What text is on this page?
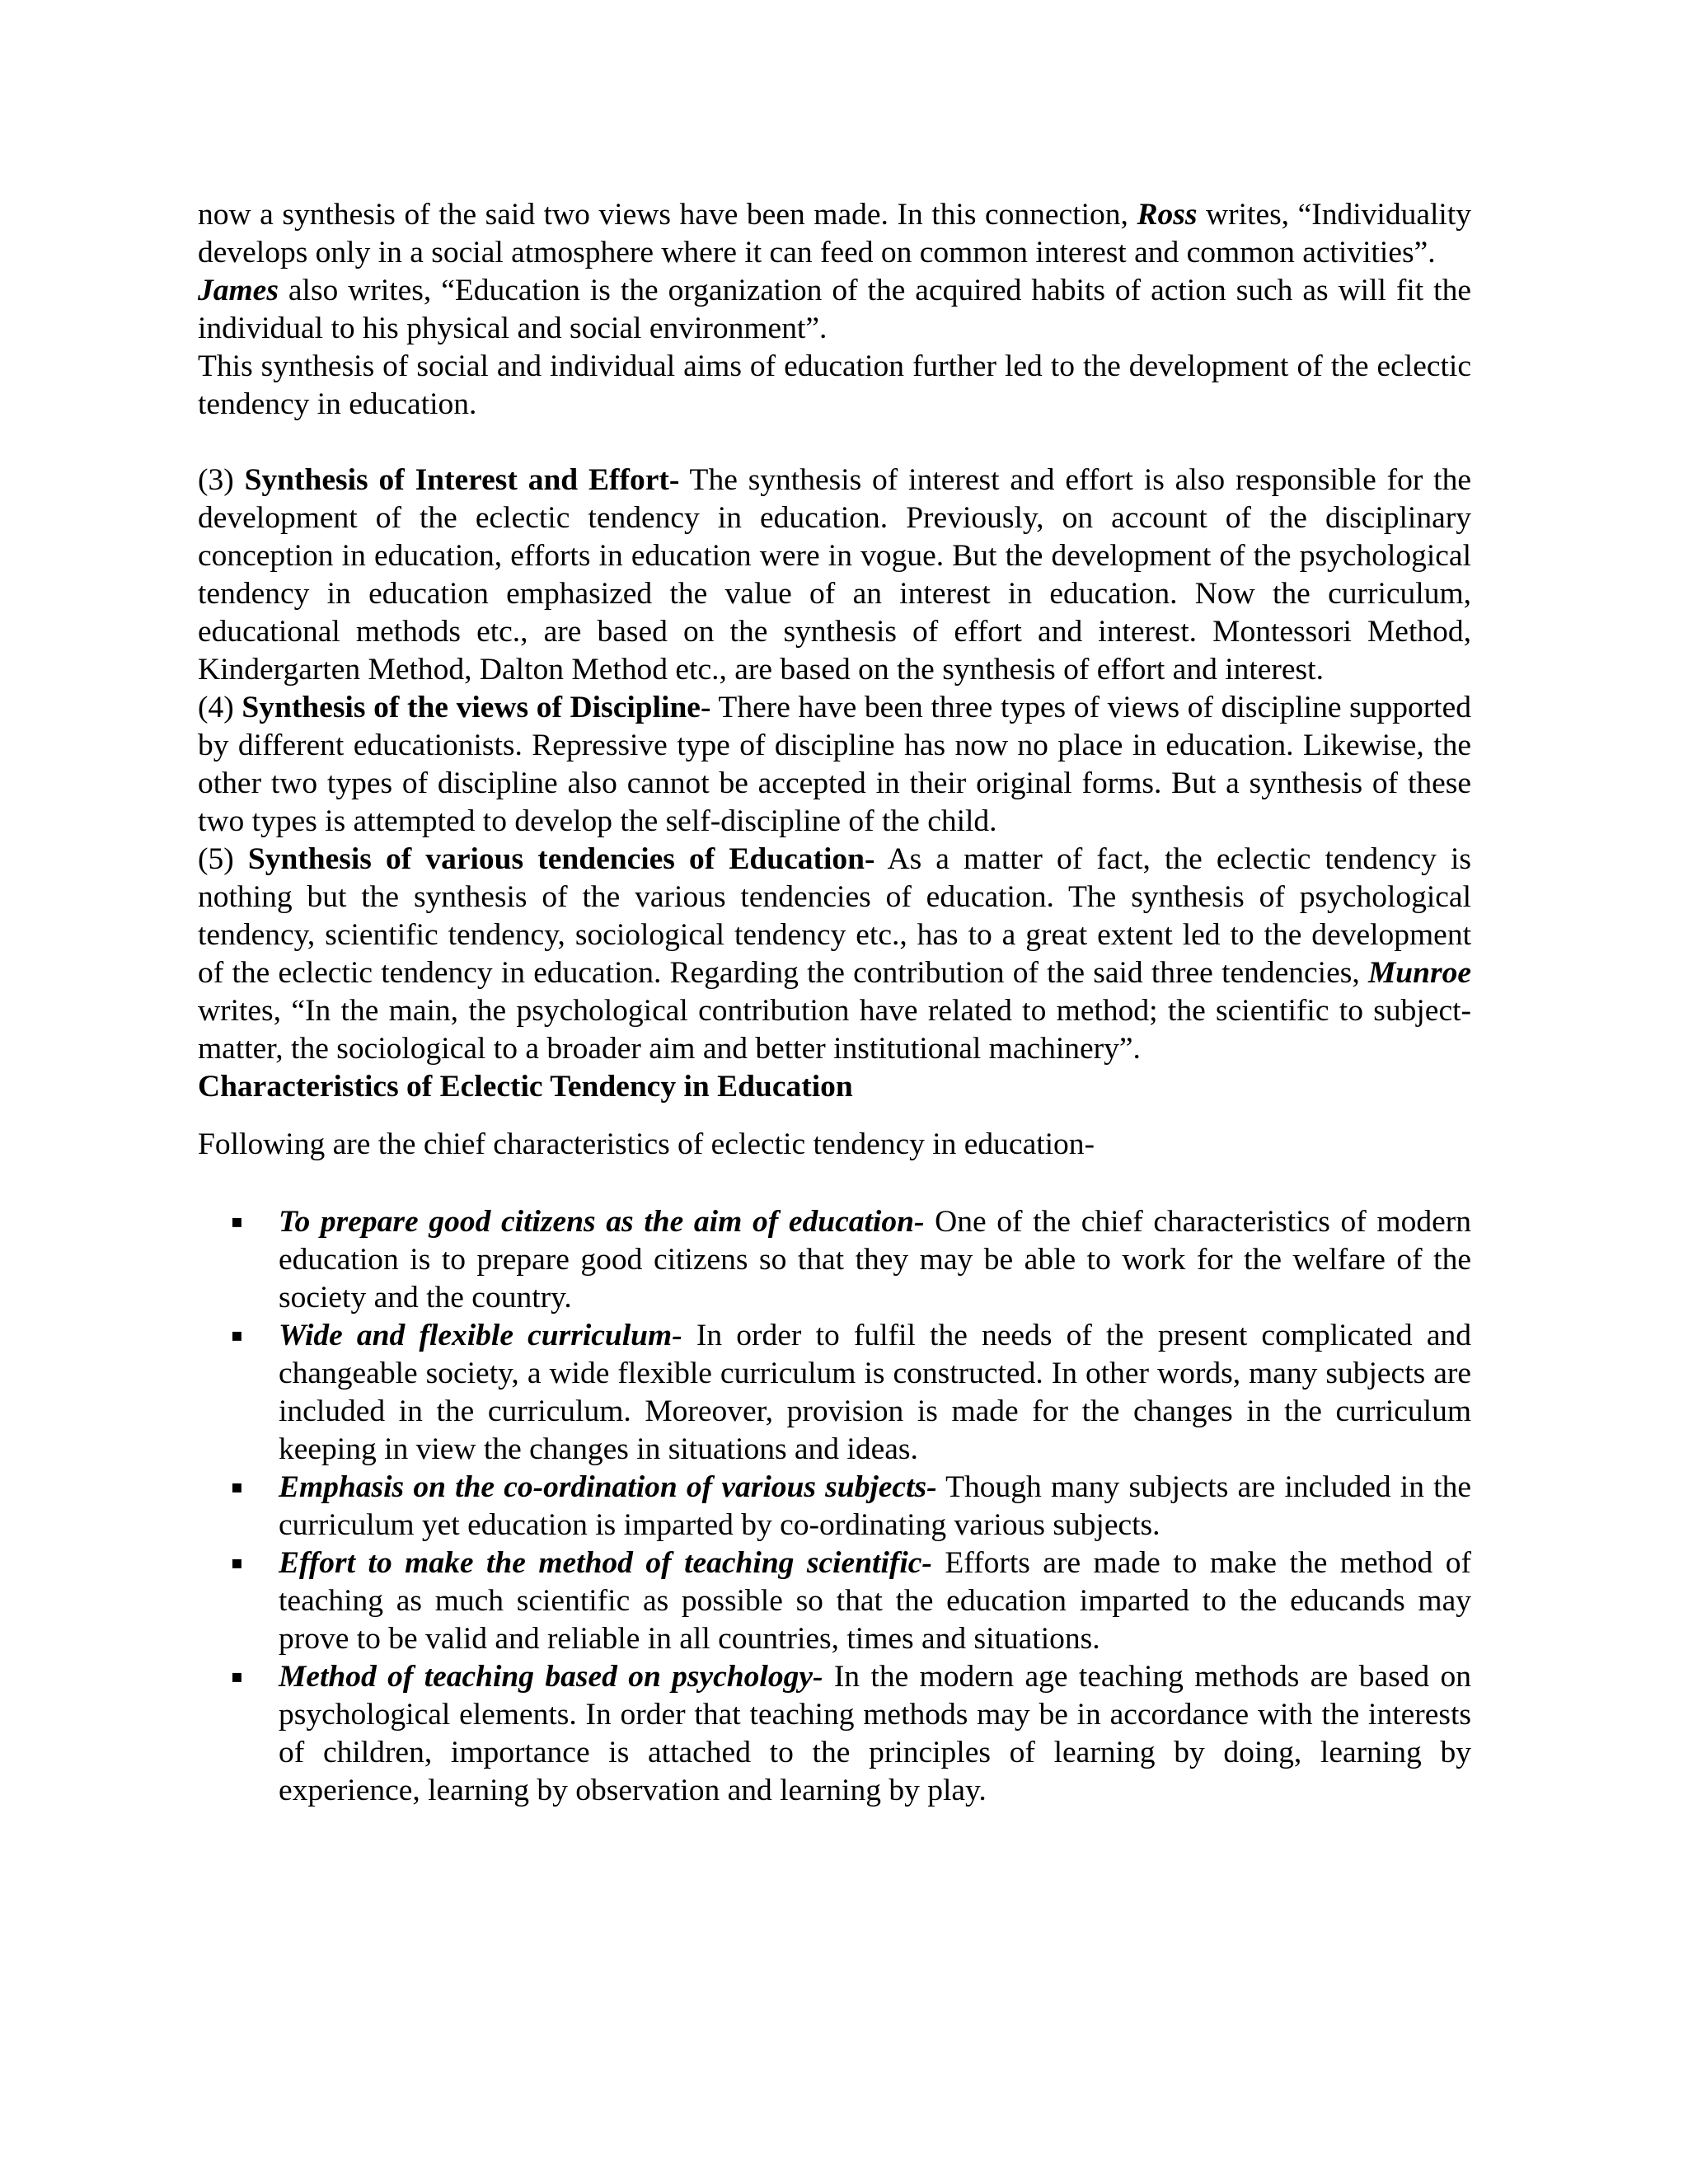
now a synthesis of the said two views have been made. In this connection, Ross writes, “Individuality develops only in a social atmosphere where it can feed on common interest and common activities”.

James also writes, “Education is the organization of the acquired habits of action such as will fit the individual to his physical and social environment”.

This synthesis of social and individual aims of education further led to the development of the eclectic tendency in education.

(3) Synthesis of Interest and Effort- The synthesis of interest and effort is also responsible for the development of the eclectic tendency in education. Previously, on account of the disciplinary conception in education, efforts in education were in vogue. But the development of the psychological tendency in education emphasized the value of an interest in education. Now the curriculum, educational methods etc., are based on the synthesis of effort and interest. Montessori Method, Kindergarten Method, Dalton Method etc., are based on the synthesis of effort and interest.

(4) Synthesis of the views of Discipline- There have been three types of views of discipline supported by different educationists. Repressive type of discipline has now no place in education. Likewise, the other two types of discipline also cannot be accepted in their original forms. But a synthesis of these two types is attempted to develop the self-discipline of the child.

(5) Synthesis of various tendencies of Education- As a matter of fact, the eclectic tendency is nothing but the synthesis of the various tendencies of education. The synthesis of psychological tendency, scientific tendency, sociological tendency etc., has to a great extent led to the development of the eclectic tendency in education. Regarding the contribution of the said three tendencies, Munroe writes, “In the main, the psychological contribution have related to method; the scientific to subject-matter, the sociological to a broader aim and better institutional machinery”.

Characteristics of Eclectic Tendency in Education

Following are the chief characteristics of eclectic tendency in education-

▪ To prepare good citizens as the aim of education- One of the chief characteristics of modern education is to prepare good citizens so that they may be able to work for the welfare of the society and the country.
▪ Wide and flexible curriculum- In order to fulfil the needs of the present complicated and changeable society, a wide flexible curriculum is constructed. In other words, many subjects are included in the curriculum. Moreover, provision is made for the changes in the curriculum keeping in view the changes in situations and ideas.
▪ Emphasis on the co-ordination of various subjects- Though many subjects are included in the curriculum yet education is imparted by co-ordinating various subjects.
▪ Effort to make the method of teaching scientific- Efforts are made to make the method of teaching as much scientific as possible so that the education imparted to the educands may prove to be valid and reliable in all countries, times and situations.
▪ Method of teaching based on psychology- In the modern age teaching methods are based on psychological elements. In order that teaching methods may be in accordance with the interests of children, importance is attached to the principles of learning by doing, learning by experience, learning by observation and learning by play.
